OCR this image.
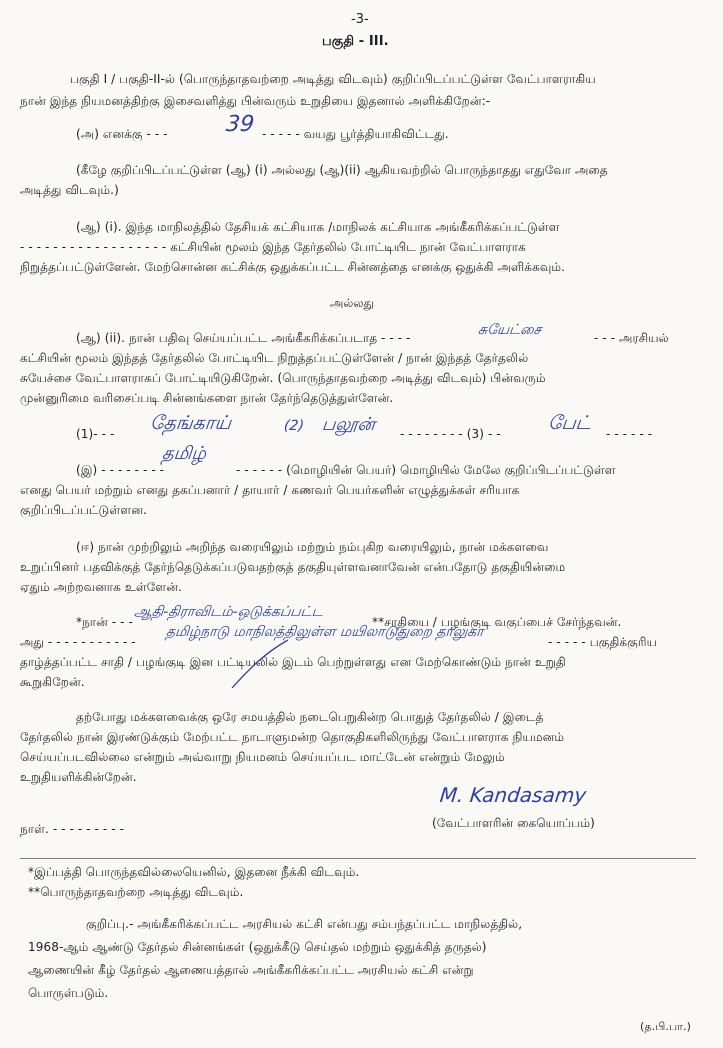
-3-
பகுதி - III.
பகுதி I / பகுதி-II-ல் (பொருந்தாதவற்றை அடித்து விடவும்) குறிப்பிடப்பட்டுள்ள வேட்பாளராகிய
நான் இந்த நியமனத்திற்கு இசைவளித்து பின்வரும் உறுதியை இதனால் அளிக்கிறேன்:-
(அ) எனக்கு - - -	39 - - - - - வயது பூர்த்தியாகிவிட்டது.
(கீழே குறிப்பிடப்பட்டுள்ள (ஆ) (i) அல்லது (ஆ)(ii) ஆகியவற்றில் பொருந்தாதது எதுவோ அதை
அடித்து விடவும்.)
(ஆ) (i). இந்த மாநிலத்தில் தேசியக் கட்சியாக /மாநிலக் கட்சியாக அங்கீகரிக்கப்பட்டுள்ள
- - - - - - - - - - - - - - - - - - கட்சியின் மூலம் இந்த தேர்தலில் போட்டியிட நான் வேட்பாளராக
நிறுத்தப்பட்டுள்ளேன். மேற்சொன்ன கட்சிக்கு ஒதுக்கப்பட்ட சின்னத்தை எனக்கு ஒதுக்கி அளிக்கவும்.
அல்லது
(ஆ) (ii). நான் பதிவு செய்யப்பட்ட அங்கீகரிக்கப்படாத - - - -	சுயேட்சை	- - - அரசியல்
கட்சியின் மூலம் இந்தத் தேர்தலில் போட்டியிட நிறுத்தப்பட்டுள்ளேன் / நான் இந்தத் தேர்தலில்
சுயேச்சை வேட்பாளராகப் போட்டியிடுகிறேன். (பொருந்தாதவற்றை அடித்து விடவும்) பின்வரும்
முன்னுரிமை வரிசைப்படி சின்னங்களை நான் தேர்ந்தெடுத்துள்ளேன்.
(1)- - - தேங்காய்	(2) பலூன் - - - - - - - - (3) - - பேட் - - - - - -
(இ) - - - - - - - -
தமிழ்
- - - - - - (மொழியின் பெயர்) மொழியில் மேலே குறிப்பிடப்பட்டுள்ள
எனது பெயர் மற்றும் எனது தகப்பனார் / தாயார் / கணவர் பெயர்களின் எழுத்துக்கள் சரியாக
குறிப்பிடப்பட்டுள்ளன.
(ஈ) நான் முற்றிலும் அறிந்த வரையிலும் மற்றும் நம்புகிற வரையிலும், நான் மக்களவை
உறுப்பினர் பதவிக்குத் தேர்ந்தெடுக்கப்படுவதற்குத் தகுதியுள்ளவனாவேன் என்பதோடு தகுதியின்மை
ஏதும் அற்றவனாக உள்ளேன்.
*நான் - - -
ஆதி-திராவிடம்-ஒடுக்கப்பட்ட
**சாதியை / பழங்குடி வகுப்பைச் சேர்ந்தவன்.
அது - - - - - - - - - - -
தமிழ்நாடு மாநிலத்திலுள்ள மயிலாடுதுறை தாலுகா
- - - - - பகுதிக்குரிய
தாழ்த்தப்பட்ட சாதி / பழங்குடி இன பட்டியலில் இடம் பெற்றுள்ளது என மேற்கொண்டும் நான் உறுதி
கூறுகிறேன்.
தற்போது மக்களவைக்கு ஒரே சமயத்தில் நடைபெறுகின்ற பொதுத் தேர்தலில் / இடைத்
தேர்தலில் நான் இரண்டுக்கும் மேற்பட்ட நாடாளுமன்ற தொகுதிகளிலிருந்து வேட்பாளராக நியமனம்
செய்யப்படவில்லை என்றும் அவ்வாறு நியமனம் செய்யப்பட மாட்டேன் என்றும் மேலும்
உறுதியளிக்கின்றேன்.
M. Kandasamy
நாள். - - - - - - - - -	(வேட்பாளரின் கையொப்பம்)
*இப்பத்தி பொருந்தவில்லையெனில், இதனை நீக்கி விடவும்.
**பொருந்தாதவற்றை அடித்து விடவும்.
குறிப்பு.- அங்கீகரிக்கப்பட்ட அரசியல் கட்சி என்பது சம்பந்தப்பட்ட மாநிலத்தில்,
1968-ஆம் ஆண்டு தேர்தல் சின்னங்கள் (ஒதுக்கீடு செய்தல் மற்றும் ஒதுக்கித் தருதல்)
ஆணையின் கீழ் தேர்தல் ஆணையத்தால் அங்கீகரிக்கப்பட்ட அரசியல் கட்சி என்று
பொருள்படும்.
(த.பி.பா.)
